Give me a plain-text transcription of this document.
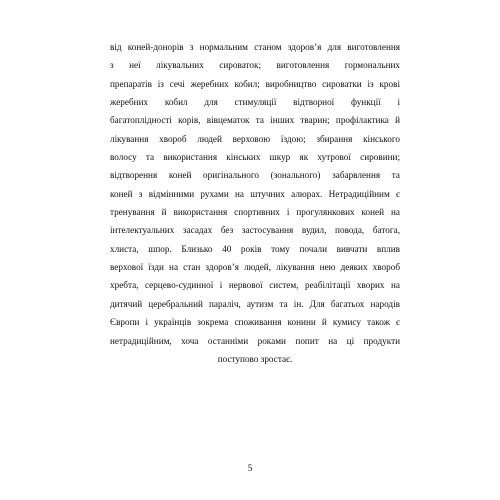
від коней-донорів з нормальним станом здоров’я для виготовлення
з неї лікувальних сироваток; виготовлення гормональних
препаратів із сечі жеребних кобил; виробництво сироватки із крові
жеребних кобил для стимуляції відтворної функції і
багатоплідності корів, вівцематок та інших тварин; профілактика й
лікування хвороб людей верховою їздою; збирання кінського
волосу та використання кінських шкур як хутрової сировини;
відтворення коней оригінального (зонального) забарвлення та
коней з відмінними рухами на штучних алюрах. Нетрадиційним є
тренування й використання спортивних і прогулянкових коней на
інтелектуальних засадах без застосування вудил, повода, батога,
хлиста, шпор. Близько 40 років тому почали вивчати вплив
верхової їзди на стан здоров’я людей, лікування нею деяких хвороб
хребта, серцево-судинної і нервової систем, реабілітації хворих на
дитячий церебральний параліч, аутизм та ін. Для багатьох народів
Європи і українців зокрема споживання конини й кумису також є
нетрадиційним, хоча останніми роками попит на ці продукти
поступово зростає.
5
